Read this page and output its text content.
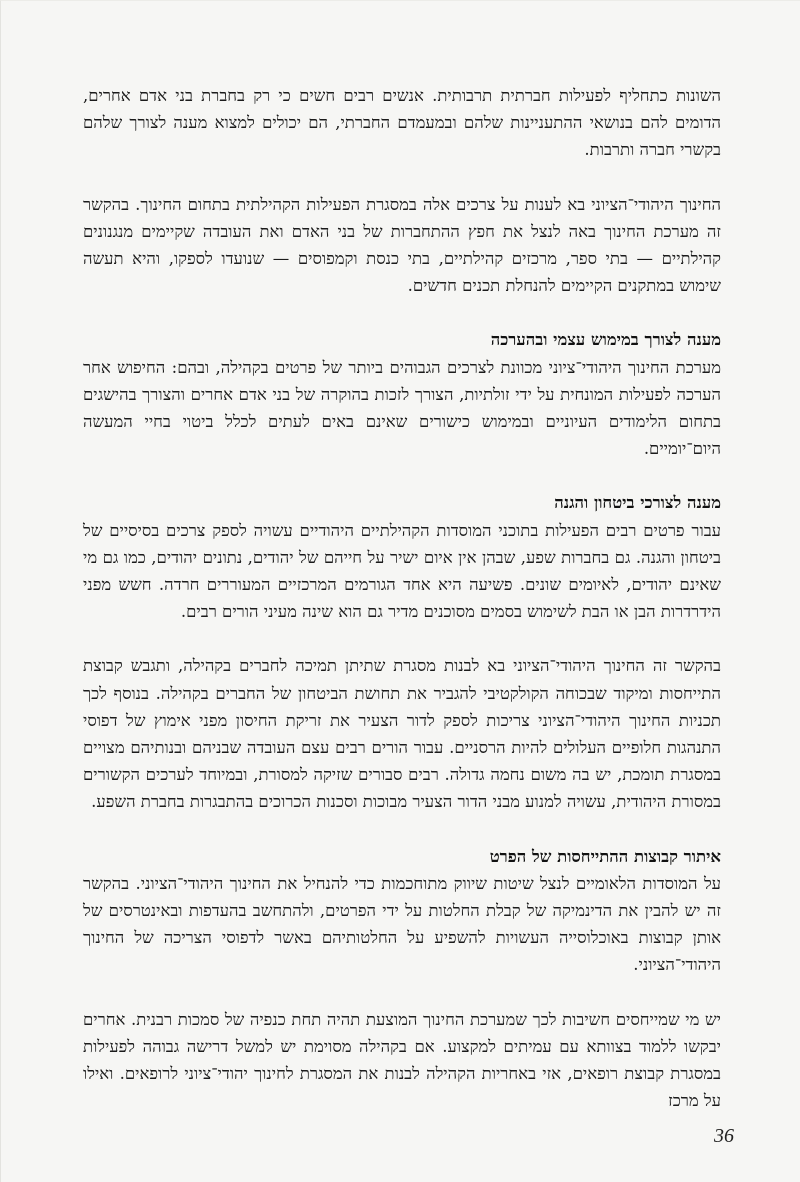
השונות כתחליף לפעילות חברתית תרבותית. אנשים רבים חשים כי רק בחברת בני אדם אחרים, הדומים להם בנושאי ההתעניינות שלהם ובמעמדם החברתי, הם יכולים למצוא מענה לצורך שלהם בקשרי חברה ותרבות.

החינוך היהודי־הציוני בא לענות על צרכים אלה במסגרת הפעילות הקהילתית בתחום החינוך. בהקשר זה מערכת החינוך באה לנצל את חפץ ההתחברות של בני האדם ואת העובדה שקיימים מנגנונים קהילתיים — בתי ספר, מרכזים קהילתיים, בתי כנסת וקמפוסים — שנועדו לספקו, והיא תעשה שימוש במתקנים הקיימים להנחלת תכנים חדשים.

מענה לצורך במימוש עצמי ובהערכה

מערכת החינוך היהודי־ציוני מכוונת לצרכים הגבוהים ביותר של פרטים בקהילה, ובהם: החיפוש אחר הערכה לפעילות המונחית על ידי זולתיות, הצורך לזכות בהוקרה של בני אדם אחרים והצורך בהישגים בתחום הלימודים העיוניים ובמימוש כישורים שאינם באים לעתים לכלל ביטוי בחיי המעשה היום־יומיים.

מענה לצורכי ביטחון והגנה

עבור פרטים רבים הפעילות בתוכני המוסדות הקהילתיים היהודיים עשויה לספק צרכים בסיסיים של ביטחון והגנה. גם בחברות שפע, שבהן אין איום ישיר על חייהם של יהודים, נתונים יהודים, כמו גם מי שאינם יהודים, לאיומים שונים. פשיעה היא אחד הגורמים המרכזיים המעוררים חרדה. חשש מפני הידרדרות הבן או הבת לשימוש בסמים מסוכנים מדיר גם הוא שינה מעיני הורים רבים.

בהקשר זה החינוך היהודי־הציוני בא לבנות מסגרת שתיתן תמיכה לחברים בקהילה, ותגבש קבוצת התייחסות ומיקוד שבכוחה הקולקטיבי להגביר את תחושת הביטחון של החברים בקהילה. בנוסף לכך תכניות החינוך היהודי־הציוני צריכות לספק לדור הצעיר את זריקת החיסון מפני אימוץ של דפוסי התנהגות חלופיים העלולים להיות הרסניים. עבור הורים רבים עצם העובדה שבניהם ובנותיהם מצויים במסגרת תומכת, יש בה משום נחמה גדולה. רבים סבורים שזיקה למסורת, ובמיוחד לערכים הקשורים במסורת היהודית, עשויה למנוע מבני הדור הצעיר מבוכות וסכנות הכרוכים בהתבגרות בחברת השפע.

איתור קבוצות ההתייחסות של הפרט

על המוסדות הלאומיים לנצל שיטות שיווק מתוחכמות כדי להנחיל את החינוך היהודי־הציוני. בהקשר זה יש להבין את הדינמיקה של קבלת החלטות על ידי הפרטים, ולהתחשב בהעדפות ובאינטרסים של אותן קבוצות באוכלוסייה העשויות להשפיע על החלטותיהם באשר לדפוסי הצריכה של החינוך היהודי־הציוני.

יש מי שמייחסים חשיבות לכך שמערכת החינוך המוצעת תהיה תחת כנפיה של סמכות רבנית. אחרים יבקשו ללמוד בצוותא עם עמיתים למקצוע. אם בקהילה מסוימת יש למשל דרישה גבוהה לפעילות במסגרת קבוצת רופאים, אזי באחריות הקהילה לבנות את המסגרת לחינוך יהודי־ציוני לרופאים. ואילו על מרכז

36
